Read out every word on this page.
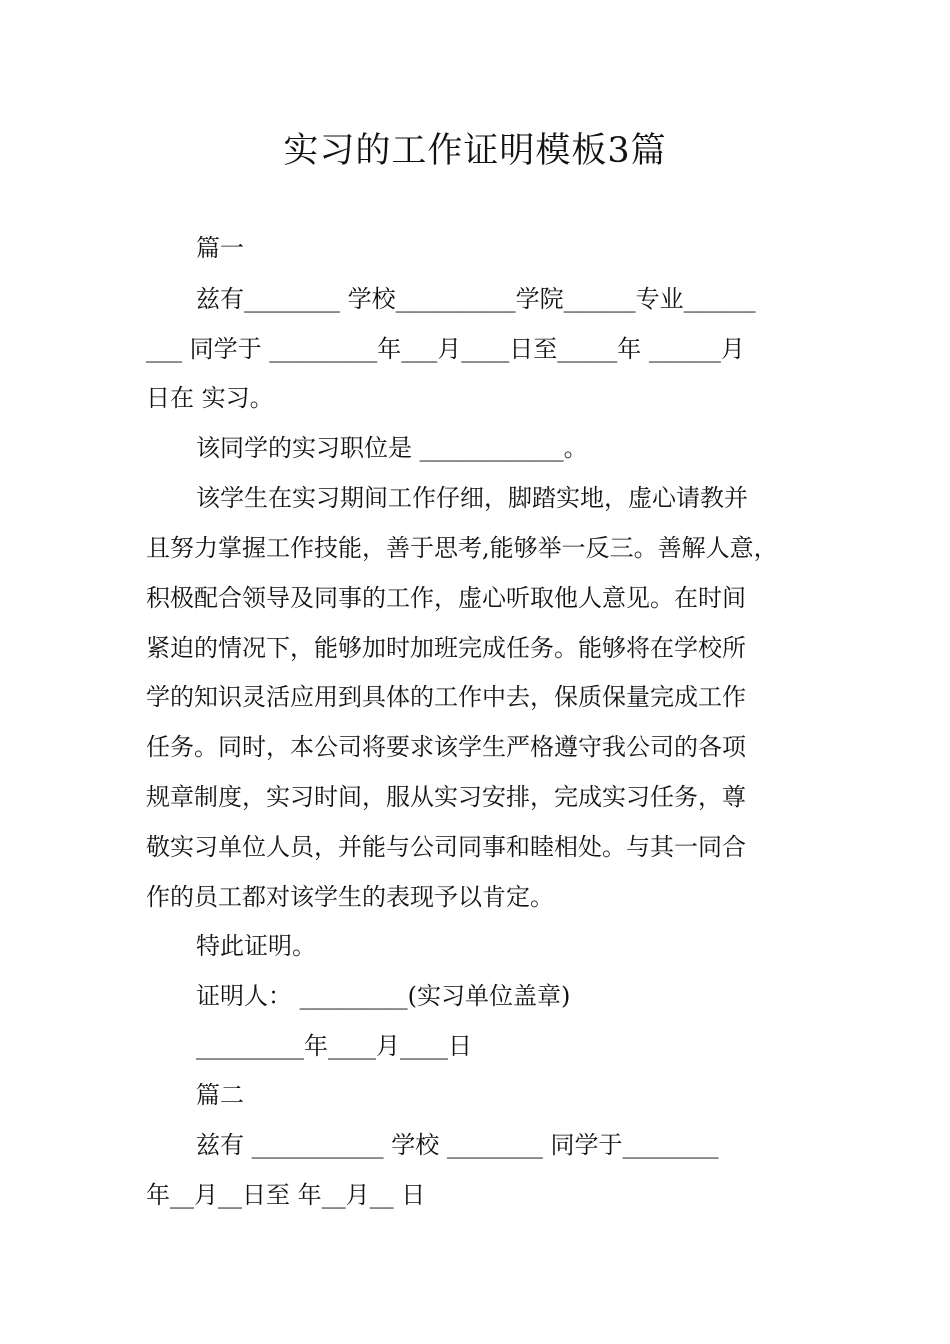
实习的工作证明模板3篇
篇一
兹有________ 学校__________学院______专业______
___ 同学于 _________年___月____日至_____年 ______月
日在 实习。
该同学的实习职位是 ____________。
该学生在实习期间工作仔细，脚踏实地，虚心请教并
且努力掌握工作技能，善于思考,能够举一反三。善解人意，
积极配合领导及同事的工作，虚心听取他人意见。在时间
紧迫的情况下，能够加时加班完成任务。能够将在学校所
学的知识灵活应用到具体的工作中去，保质保量完成工作
任务。同时，本公司将要求该学生严格遵守我公司的各项
规章制度，实习时间，服从实习安排，完成实习任务，尊
敬实习单位人员，并能与公司同事和睦相处。与其一同合
作的员工都对该学生的表现予以肯定。
特此证明。
证明人： _________(实习单位盖章)
_________年____月____日
篇二
兹有 ___________ 学校 ________ 同学于________
年__月__日至 年__月__ 日
